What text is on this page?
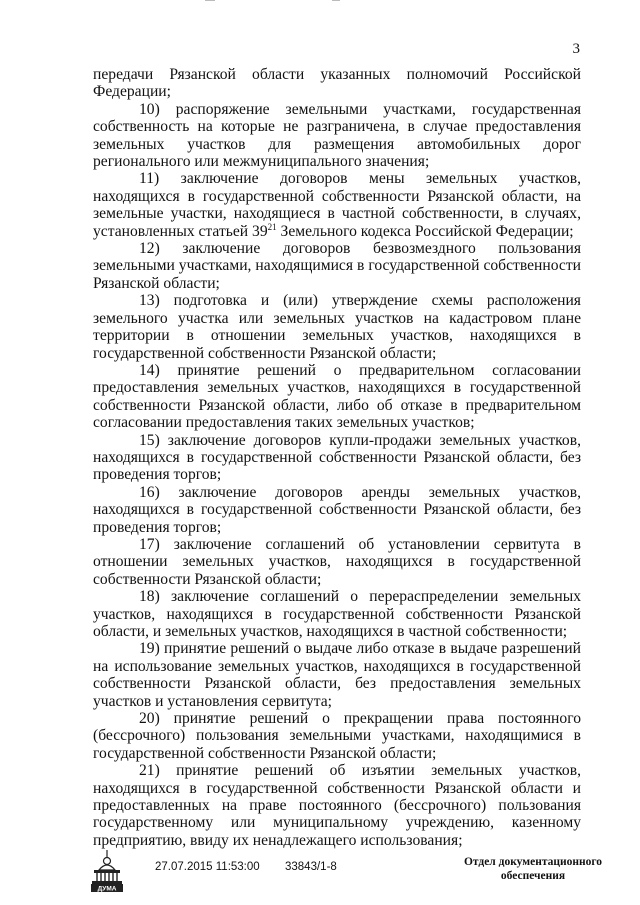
3

передачи Рязанской области указанных полномочий Российской Федерации;

10) распоряжение земельными участками, государственная собственность на которые не разграничена, в случае предоставления земельных участков для размещения автомобильных дорог регионального или межмуниципального значения;

11) заключение договоров мены земельных участков, находящихся в государственной собственности Рязанской области, на земельные участки, находящиеся в частной собственности, в случаях, установленных статьей $39^{21}$ Земельного кодекса Российской Федерации;

12) заключение договоров безвозмездного пользования земельными участками, находящимися в государственной собственности Рязанской области;

13) подготовка и (или) утверждение схемы расположения земельного участка или земельных участков на кадастровом плане территории в отношении земельных участков, находящихся в государственной собственности Рязанской области;

14) принятие решений о предварительном согласовании предоставления земельных участков, находящихся в государственной собственности Рязанской области, либо об отказе в предварительном согласовании предоставления таких земельных участков;

15) заключение договоров купли-продажи земельных участков, находящихся в государственной собственности Рязанской области, без проведения торгов;

16) заключение договоров аренды земельных участков, находящихся в государственной собственности Рязанской области, без проведения торгов;

17) заключение соглашений об установлении сервитута в отношении земельных участков, находящихся в государственной собственности Рязанской области;

18) заключение соглашений о перераспределении земельных участков, находящихся в государственной собственности Рязанской области, и земельных участков, находящихся в частной собственности;

19) принятие решений о выдаче либо отказе в выдаче разрешений на использование земельных участков, находящихся в государственной собственности Рязанской области, без предоставления земельных участков и установления сервитута;

20) принятие решений о прекращении права постоянного (бессрочного) пользования земельными участками, находящимися в государственной собственности Рязанской области;

21) принятие решений об изъятии земельных участков, находящихся в государственной собственности Рязанской области и предоставленных на праве постоянного (бессрочного) пользования государственному или муниципальному учреждению, казенному предприятию, ввиду их ненадлежащего использования;

ДУМА
27.07.2015 11:53:00 33843/1-8	Отдел документационного
обеспечения
